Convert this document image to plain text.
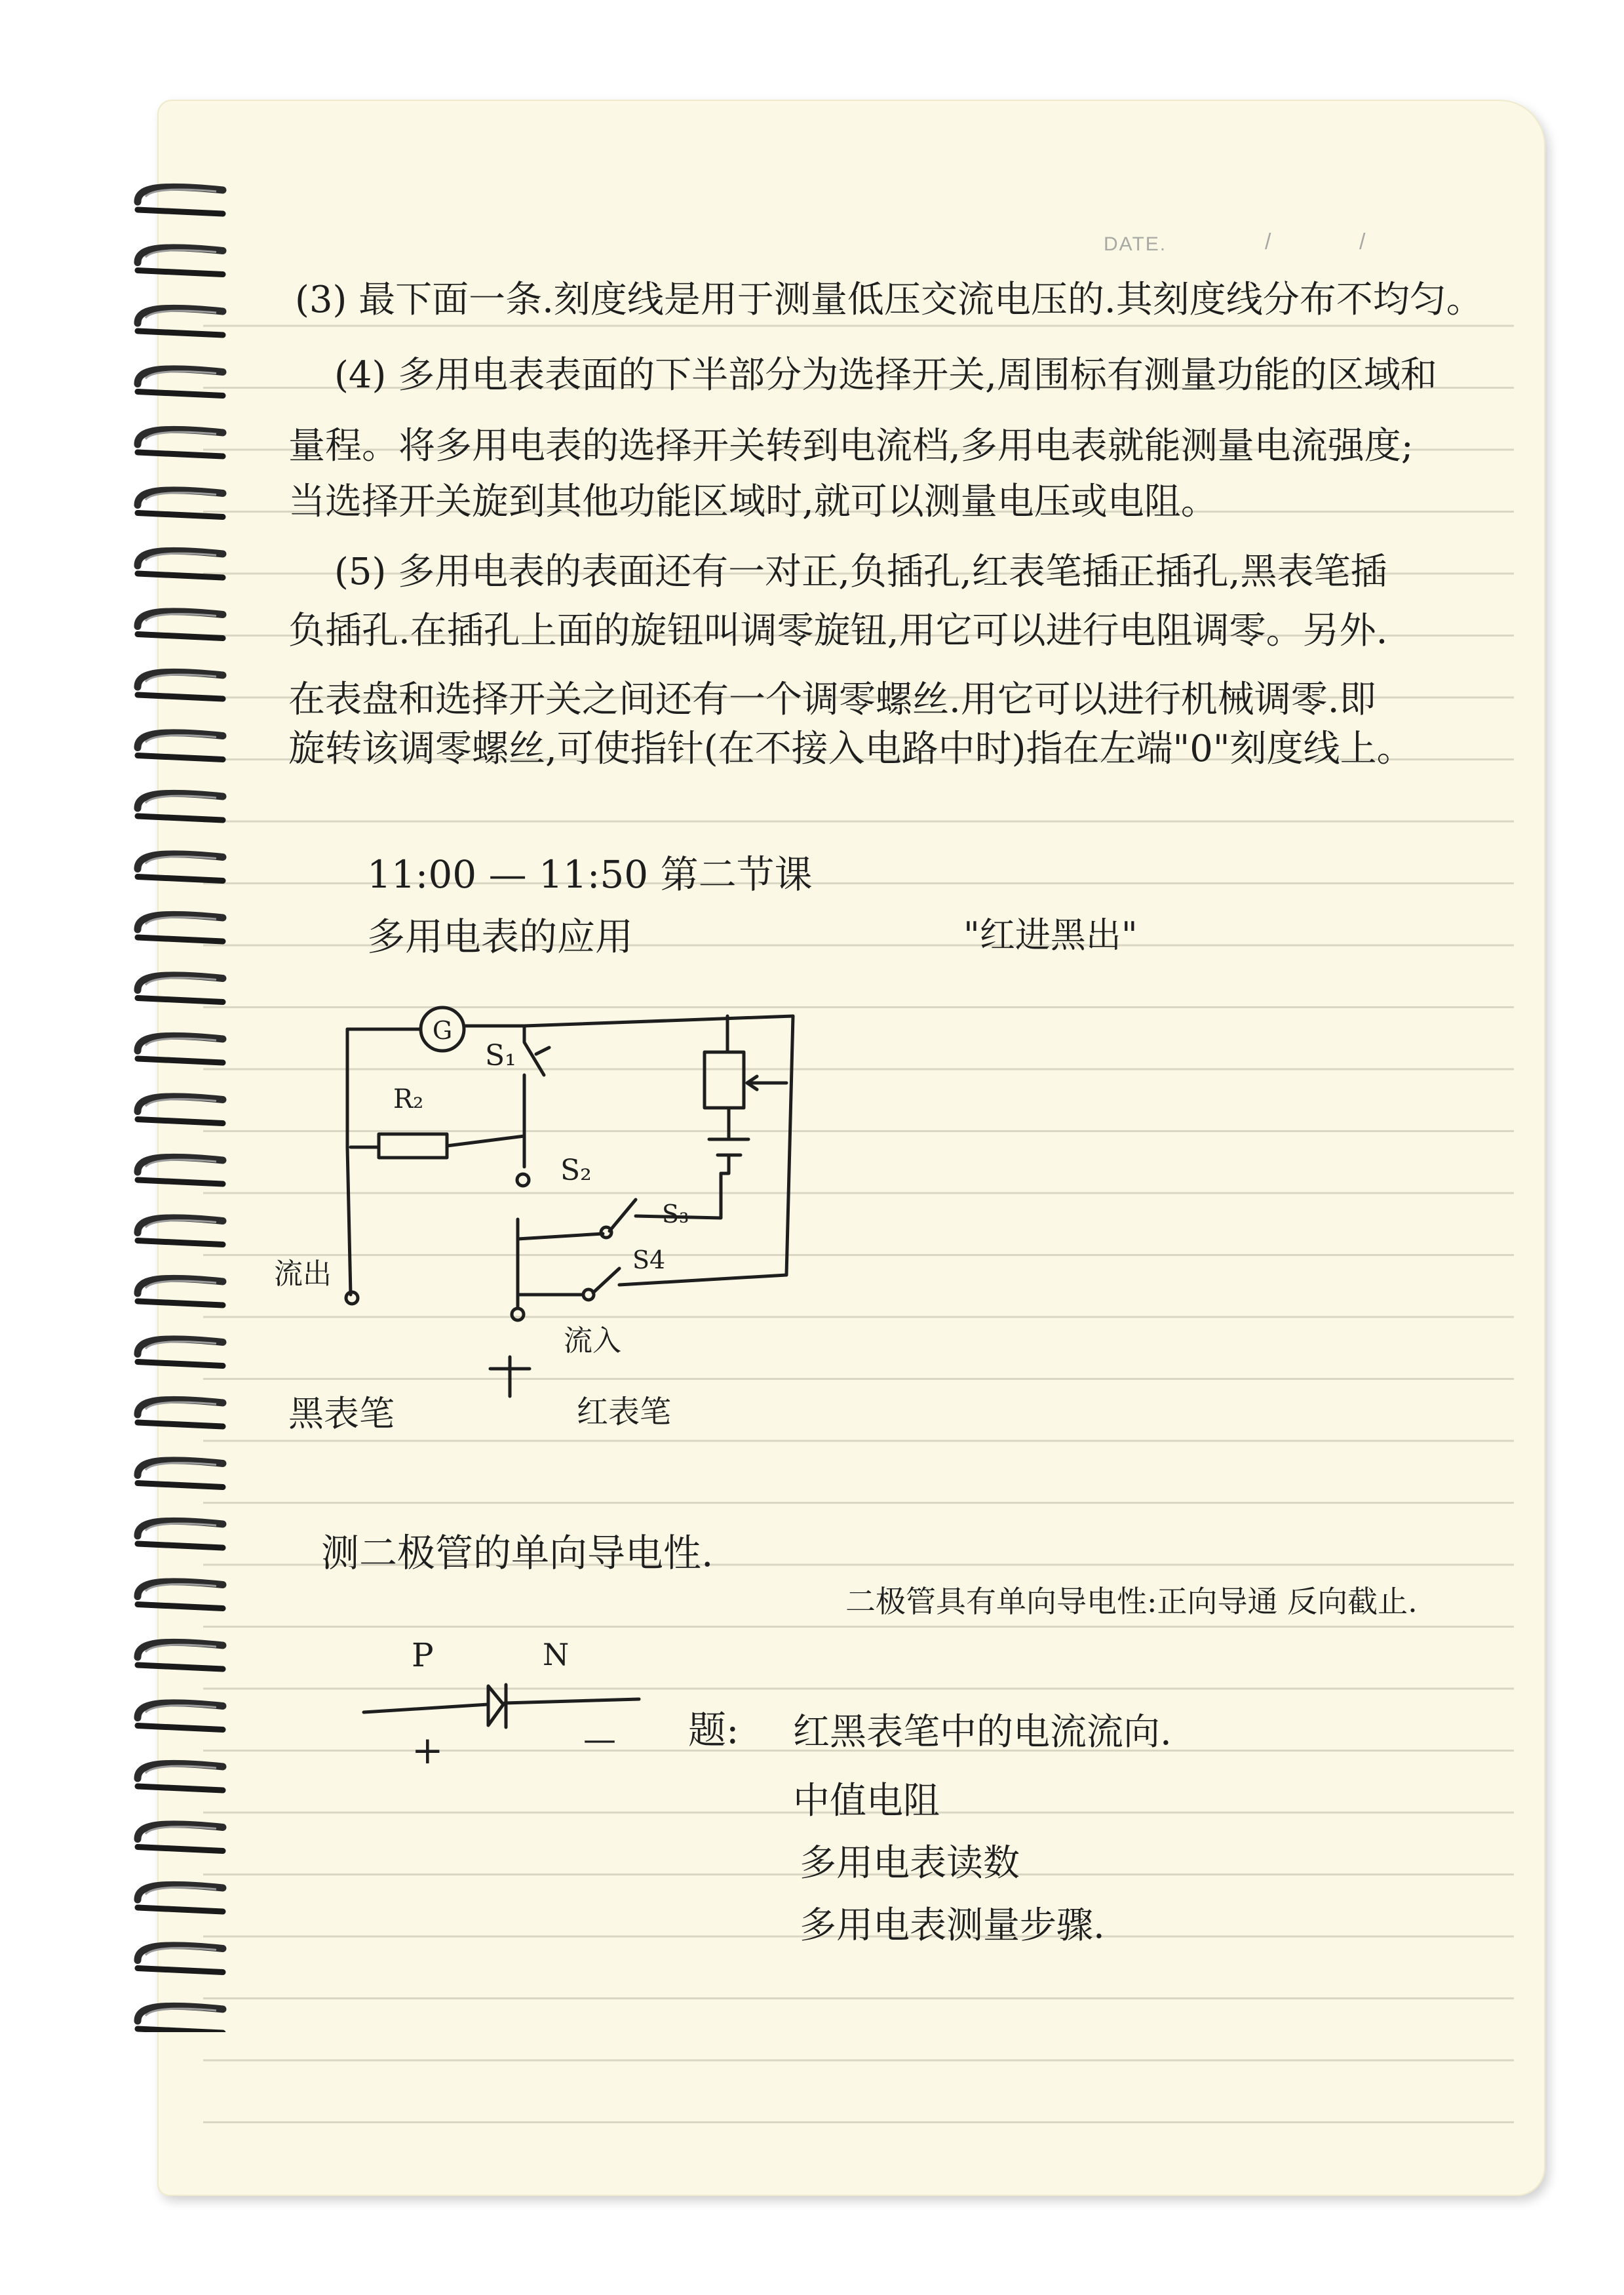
DATE.	/	/

(3) 最下面一条.刻度线是用于测量低压交流电压的.其刻度线分布不均匀。

(4) 多用电表表面的下半部分为选择开关,周围标有测量功能的区域和

量程。将多用电表的选择开关转到电流档,多用电表就能测量电流强度;

当选择开关旋到其他功能区域时,就可以测量电压或电阻。

(5) 多用电表的表面还有一对正,负插孔,红表笔插正插孔,黑表笔插

负插孔.在插孔上面的旋钮叫调零旋钮,用它可以进行电阻调零。另外.

在表盘和选择开关之间还有一个调零螺丝.用它可以进行机械调零.即

旋转该调零螺丝,可使指针(在不接入电路中时)指在左端"0"刻度线上。

11:00 — 11:50 第二节课

多用电表的应用	"红进黑出"

G
S₁
R₂
S₂
S₃
S4
流出
流入
黑表笔	红表笔

测二极管的单向导电性.

二极管具有单向导电性:正向导通 反向截止.

P	N
+	— 题: 红黑表笔中的电流流向.

中值电阻

多用电表读数

多用电表测量步骤.
